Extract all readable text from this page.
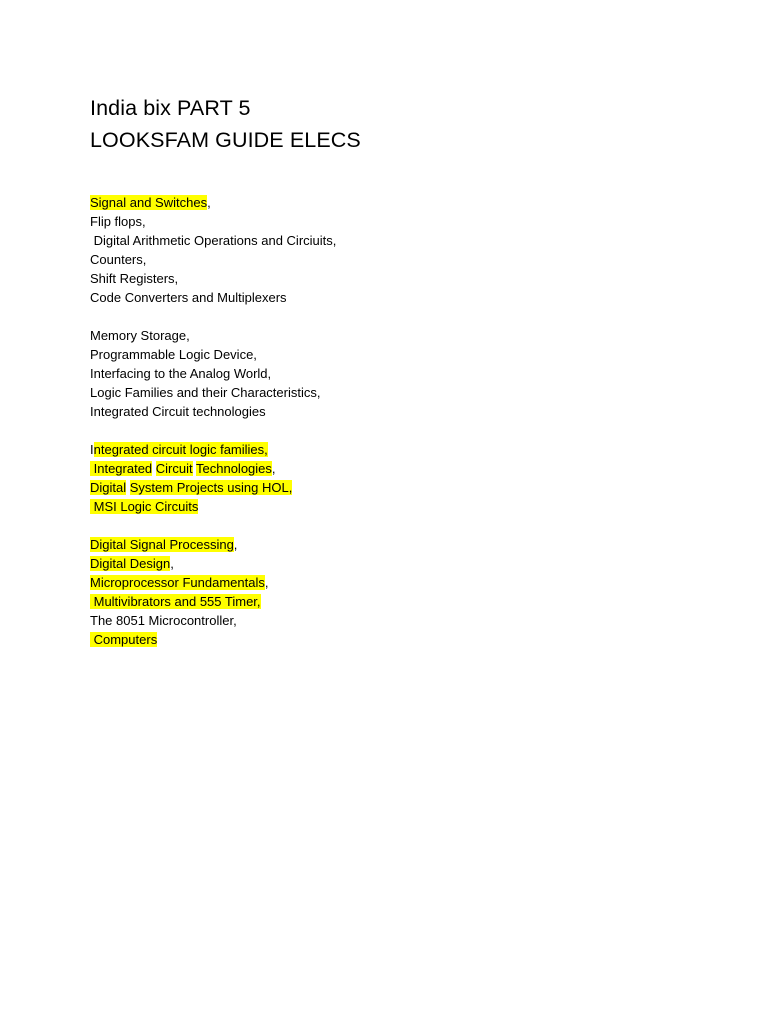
India bix PART 5
LOOKSFAM GUIDE ELECS
Signal and Switches,
Flip flops,
Digital Arithmetic Operations and Circiuits,
Counters,
Shift Registers,
Code Converters and Multiplexers
Memory Storage,
Programmable Logic Device,
Interfacing to the Analog World,
Logic Families and their Characteristics,
Integrated Circuit technologies
Integrated circuit logic families,
Integrated Circuit Technologies,
Digital System Projects using HOL,
MSI Logic Circuits
Digital Signal Processing,
Digital Design,
Microprocessor Fundamentals,
Multivibrators and 555 Timer,
The 8051 Microcontroller,
Computers
